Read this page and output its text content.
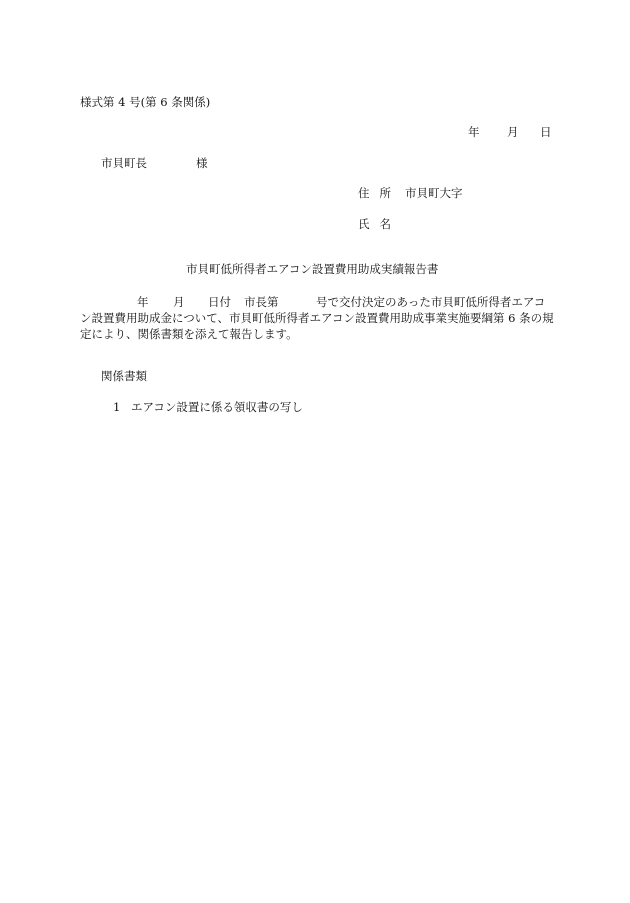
様式第 4 号(第 6 条関係)
年 月 日
市貝町長	様
住所 市貝町大字
氏名
市貝町低所得者エアコン設置費用助成実績報告書
年 月 日付 市長第	号で交付決定のあった市貝町低所得者エアコ
ン設置費用助成金について、市貝町低所得者エアコン設置費用助成事業実施要綱第 6 条の規
定により、関係書類を添えて報告します。
関係書類
1 エアコン設置に係る領収書の写し
